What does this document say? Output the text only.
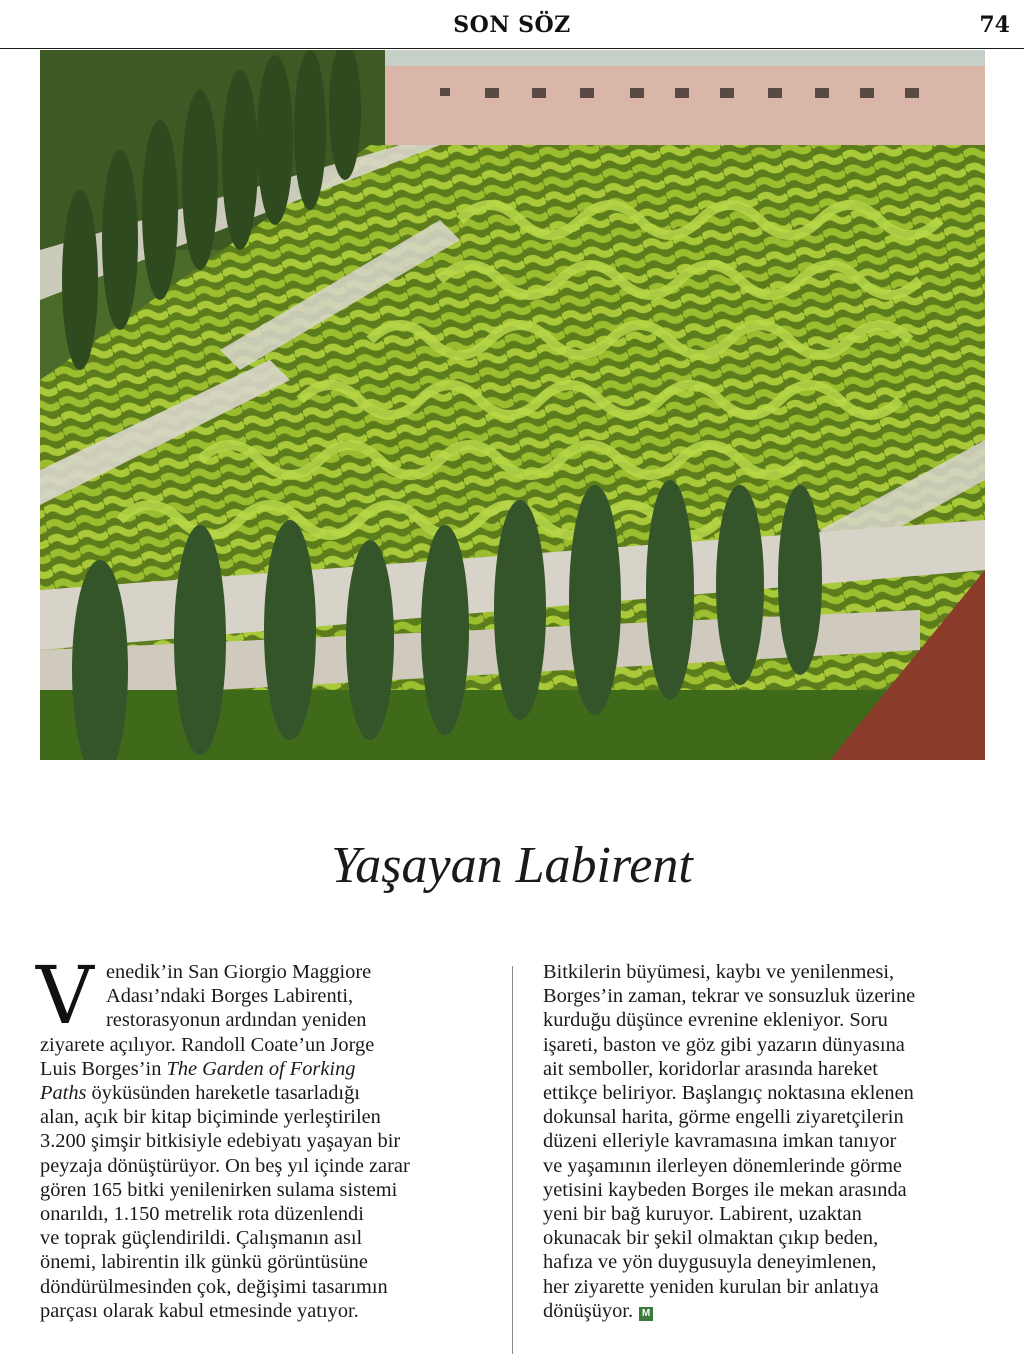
SON SÖZ	74
Yaşayan Labirent
V enedik’in San Giorgio Maggiore
Adası’ndaki Borges Labirenti,
restorasyonun ardından yeniden
ziyarete açılıyor. Randoll Coate’un Jorge
Luis Borges’in The Garden of Forking
Paths öyküsünden hareketle tasarladığı
alan, açık bir kitap biçiminde yerleştirilen
3.200 şimşir bitkisiyle edebiyatı yaşayan bir
peyzaja dönüştürüyor. On beş yıl içinde zarar
gören 165 bitki yenilenirken sulama sistemi
onarıldı, 1.150 metrelik rota düzenlendi
ve toprak güçlendirildi. Çalışmanın asıl
önemi, labirentin ilk günkü görüntüsüne
döndürülmesinden çok, değişimi tasarımın
parçası olarak kabul etmesinde yatıyor.
Bitkilerin büyümesi, kaybı ve yenilenmesi,
Borges’in zaman, tekrar ve sonsuzluk üzerine
kurduğu düşünce evrenine ekleniyor. Soru
işareti, baston ve göz gibi yazarın dünyasına
ait semboller, koridorlar arasında hareket
ettikçe beliriyor. Başlangıç noktasına eklenen
dokunsal harita, görme engelli ziyaretçilerin
düzeni elleriyle kavramasına imkan tanıyor
ve yaşamının ilerleyen dönemlerinde görme
yetisini kaybeden Borges ile mekan arasında
yeni bir bağ kuruyor. Labirent, uzaktan
okunacak bir şekil olmaktan çıkıp beden,
hafıza ve yön duygusuyla deneyimlenen,
her ziyarette yeniden kurulan bir anlatıya
dönüşüyor. M
